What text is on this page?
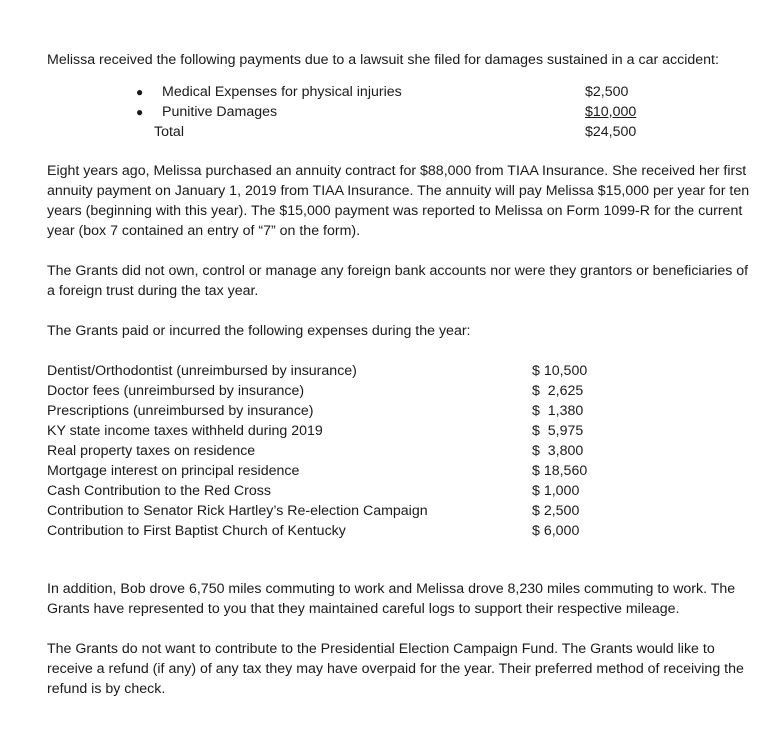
Melissa received the following payments due to a lawsuit she filed for damages sustained in a car accident:

● Medical Expenses for physical injuries	$2,500
● Punitive Damages	$10,000
Total	$24,500

Eight years ago, Melissa purchased an annuity contract for $88,000 from TIAA Insurance. She received her first annuity payment on January 1, 2019 from TIAA Insurance. The annuity will pay Melissa $15,000 per year for ten years (beginning with this year). The $15,000 payment was reported to Melissa on Form 1099-R for the current year (box 7 contained an entry of “7” on the form).

The Grants did not own, control or manage any foreign bank accounts nor were they grantors or beneficiaries of a foreign trust during the tax year.

The Grants paid or incurred the following expenses during the year:

Dentist/Orthodontist (unreimbursed by insurance)	$ 10,500
Doctor fees (unreimbursed by insurance)	$  2,625
Prescriptions (unreimbursed by insurance)	$  1,380
KY state income taxes withheld during 2019	$  5,975
Real property taxes on residence	$  3,800
Mortgage interest on principal residence	$ 18,560
Cash Contribution to the Red Cross	$ 1,000
Contribution to Senator Rick Hartley’s Re-election Campaign	$ 2,500
Contribution to First Baptist Church of Kentucky	$ 6,000

In addition, Bob drove 6,750 miles commuting to work and Melissa drove 8,230 miles commuting to work. The Grants have represented to you that they maintained careful logs to support their respective mileage.

The Grants do not want to contribute to the Presidential Election Campaign Fund. The Grants would like to receive a refund (if any) of any tax they may have overpaid for the year. Their preferred method of receiving the refund is by check.
